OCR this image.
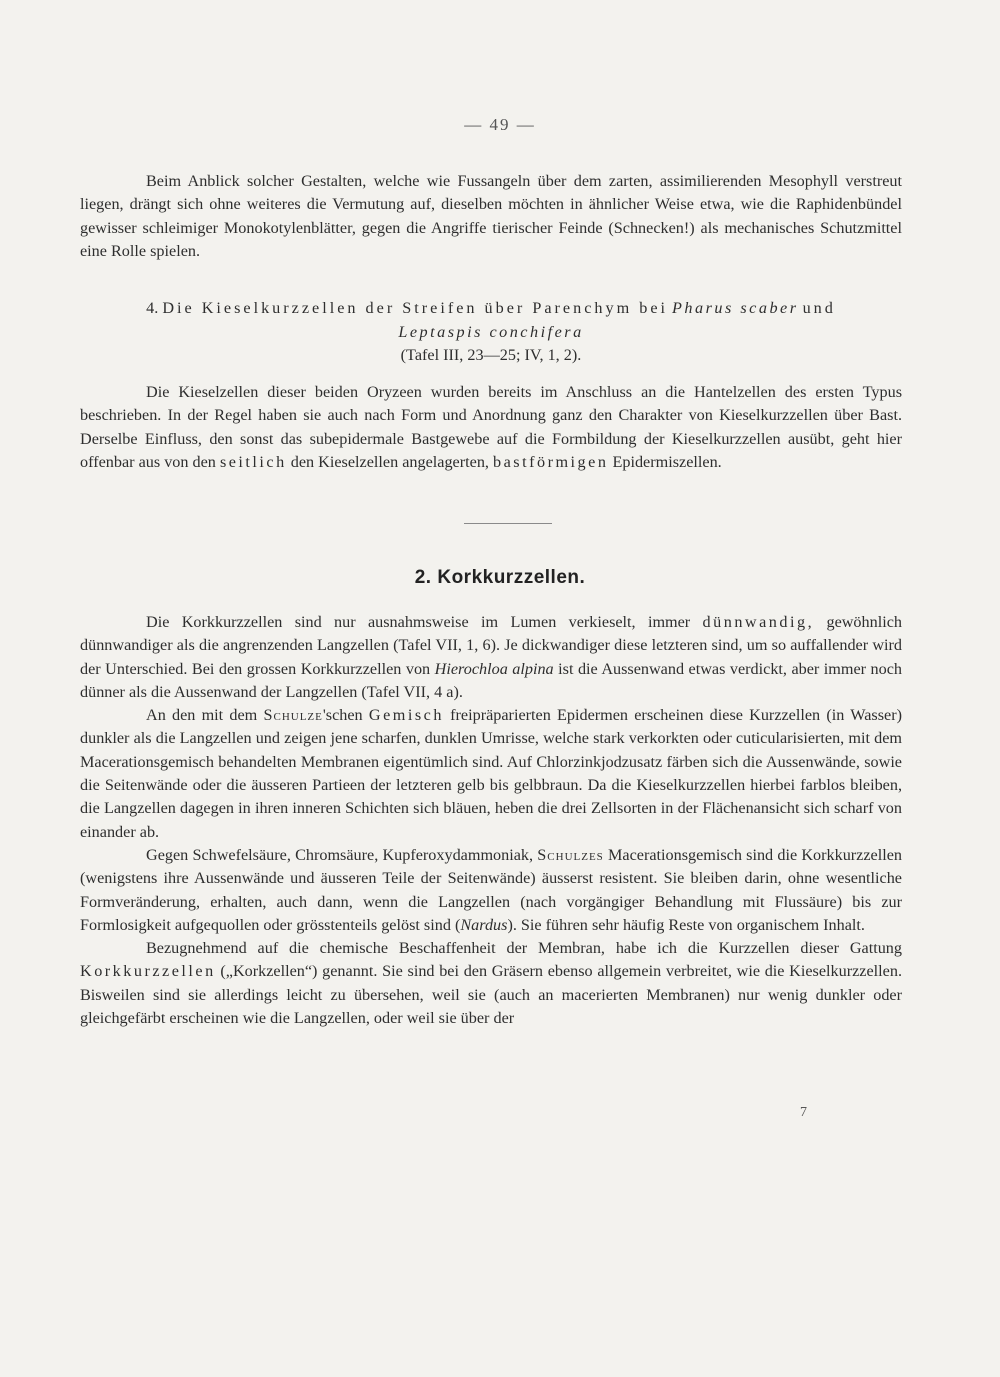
— 49 —

Beim Anblick solcher Gestalten, welche wie Fussangeln über dem zarten, assimilierenden Mesophyll verstreut liegen, drängt sich ohne weiteres die Vermutung auf, dieselben möchten in ähnlicher Weise etwa, wie die Raphidenbündel gewisser schleimiger Monokotylenblätter, gegen die Angriffe tierischer Feinde (Schnecken!) als mechanisches Schutzmittel eine Rolle spielen.

4. Die Kieselkurzzellen der Streifen über Parenchym bei Pharus scaber und
Leptaspis conchifera
(Tafel III, 23—25; IV, 1, 2).

Die Kieselzellen dieser beiden Oryzeen wurden bereits im Anschluss an die Hantelzellen des ersten Typus beschrieben. In der Regel haben sie auch nach Form und Anordnung ganz den Charakter von Kieselkurzzellen über Bast. Derselbe Einfluss, den sonst das subepidermale Bastgewebe auf die Formbildung der Kieselkurzzellen ausübt, geht hier offenbar aus von den seitlich den Kieselzellen angelagerten, bastförmigen Epidermiszellen.

2. Korkkurzzellen.

Die Korkkurzzellen sind nur ausnahmsweise im Lumen verkieselt, immer dünnwandig, gewöhnlich dünnwandiger als die angrenzenden Langzellen (Tafel VII, 1, 6). Je dickwandiger diese letzteren sind, um so auffallender wird der Unterschied. Bei den grossen Korkkurzzellen von Hierochloa alpina ist die Aussenwand etwas verdickt, aber immer noch dünner als die Aussenwand der Langzellen (Tafel VII, 4 a).

An den mit dem Schulze'schen Gemisch freipräparierten Epidermen erscheinen diese Kurzzellen (in Wasser) dunkler als die Langzellen und zeigen jene scharfen, dunklen Umrisse, welche stark verkorkten oder cuticularisierten, mit dem Macerationsgemisch behandelten Membranen eigentümlich sind. Auf Chlorzinkjodzusatz färben sich die Aussenwände, sowie die Seitenwände oder die äusseren Partieen der letzteren gelb bis gelbbraun. Da die Kieselkurzzellen hierbei farblos bleiben, die Langzellen dagegen in ihren inneren Schichten sich bläuen, heben die drei Zellsorten in der Flächenansicht sich scharf von einander ab.

Gegen Schwefelsäure, Chromsäure, Kupferoxydammoniak, Schulzes Macerationsgemisch sind die Korkkurzzellen (wenigstens ihre Aussenwände und äusseren Teile der Seitenwände) äusserst resistent. Sie bleiben darin, ohne wesentliche Formveränderung, erhalten, auch dann, wenn die Langzellen (nach vorgängiger Behandlung mit Flussäure) bis zur Formlosigkeit aufgequollen oder grösstenteils gelöst sind (Nardus). Sie führen sehr häufig Reste von organischem Inhalt.

Bezugnehmend auf die chemische Beschaffenheit der Membran, habe ich die Kurzzellen dieser Gattung Korkkurzzellen („Korkzellen“) genannt. Sie sind bei den Gräsern ebenso allgemein verbreitet, wie die Kieselkurzzellen. Bisweilen sind sie allerdings leicht zu übersehen, weil sie (auch an macerierten Membranen) nur wenig dunkler oder gleichgefärbt erscheinen wie die Langzellen, oder weil sie über der

7
